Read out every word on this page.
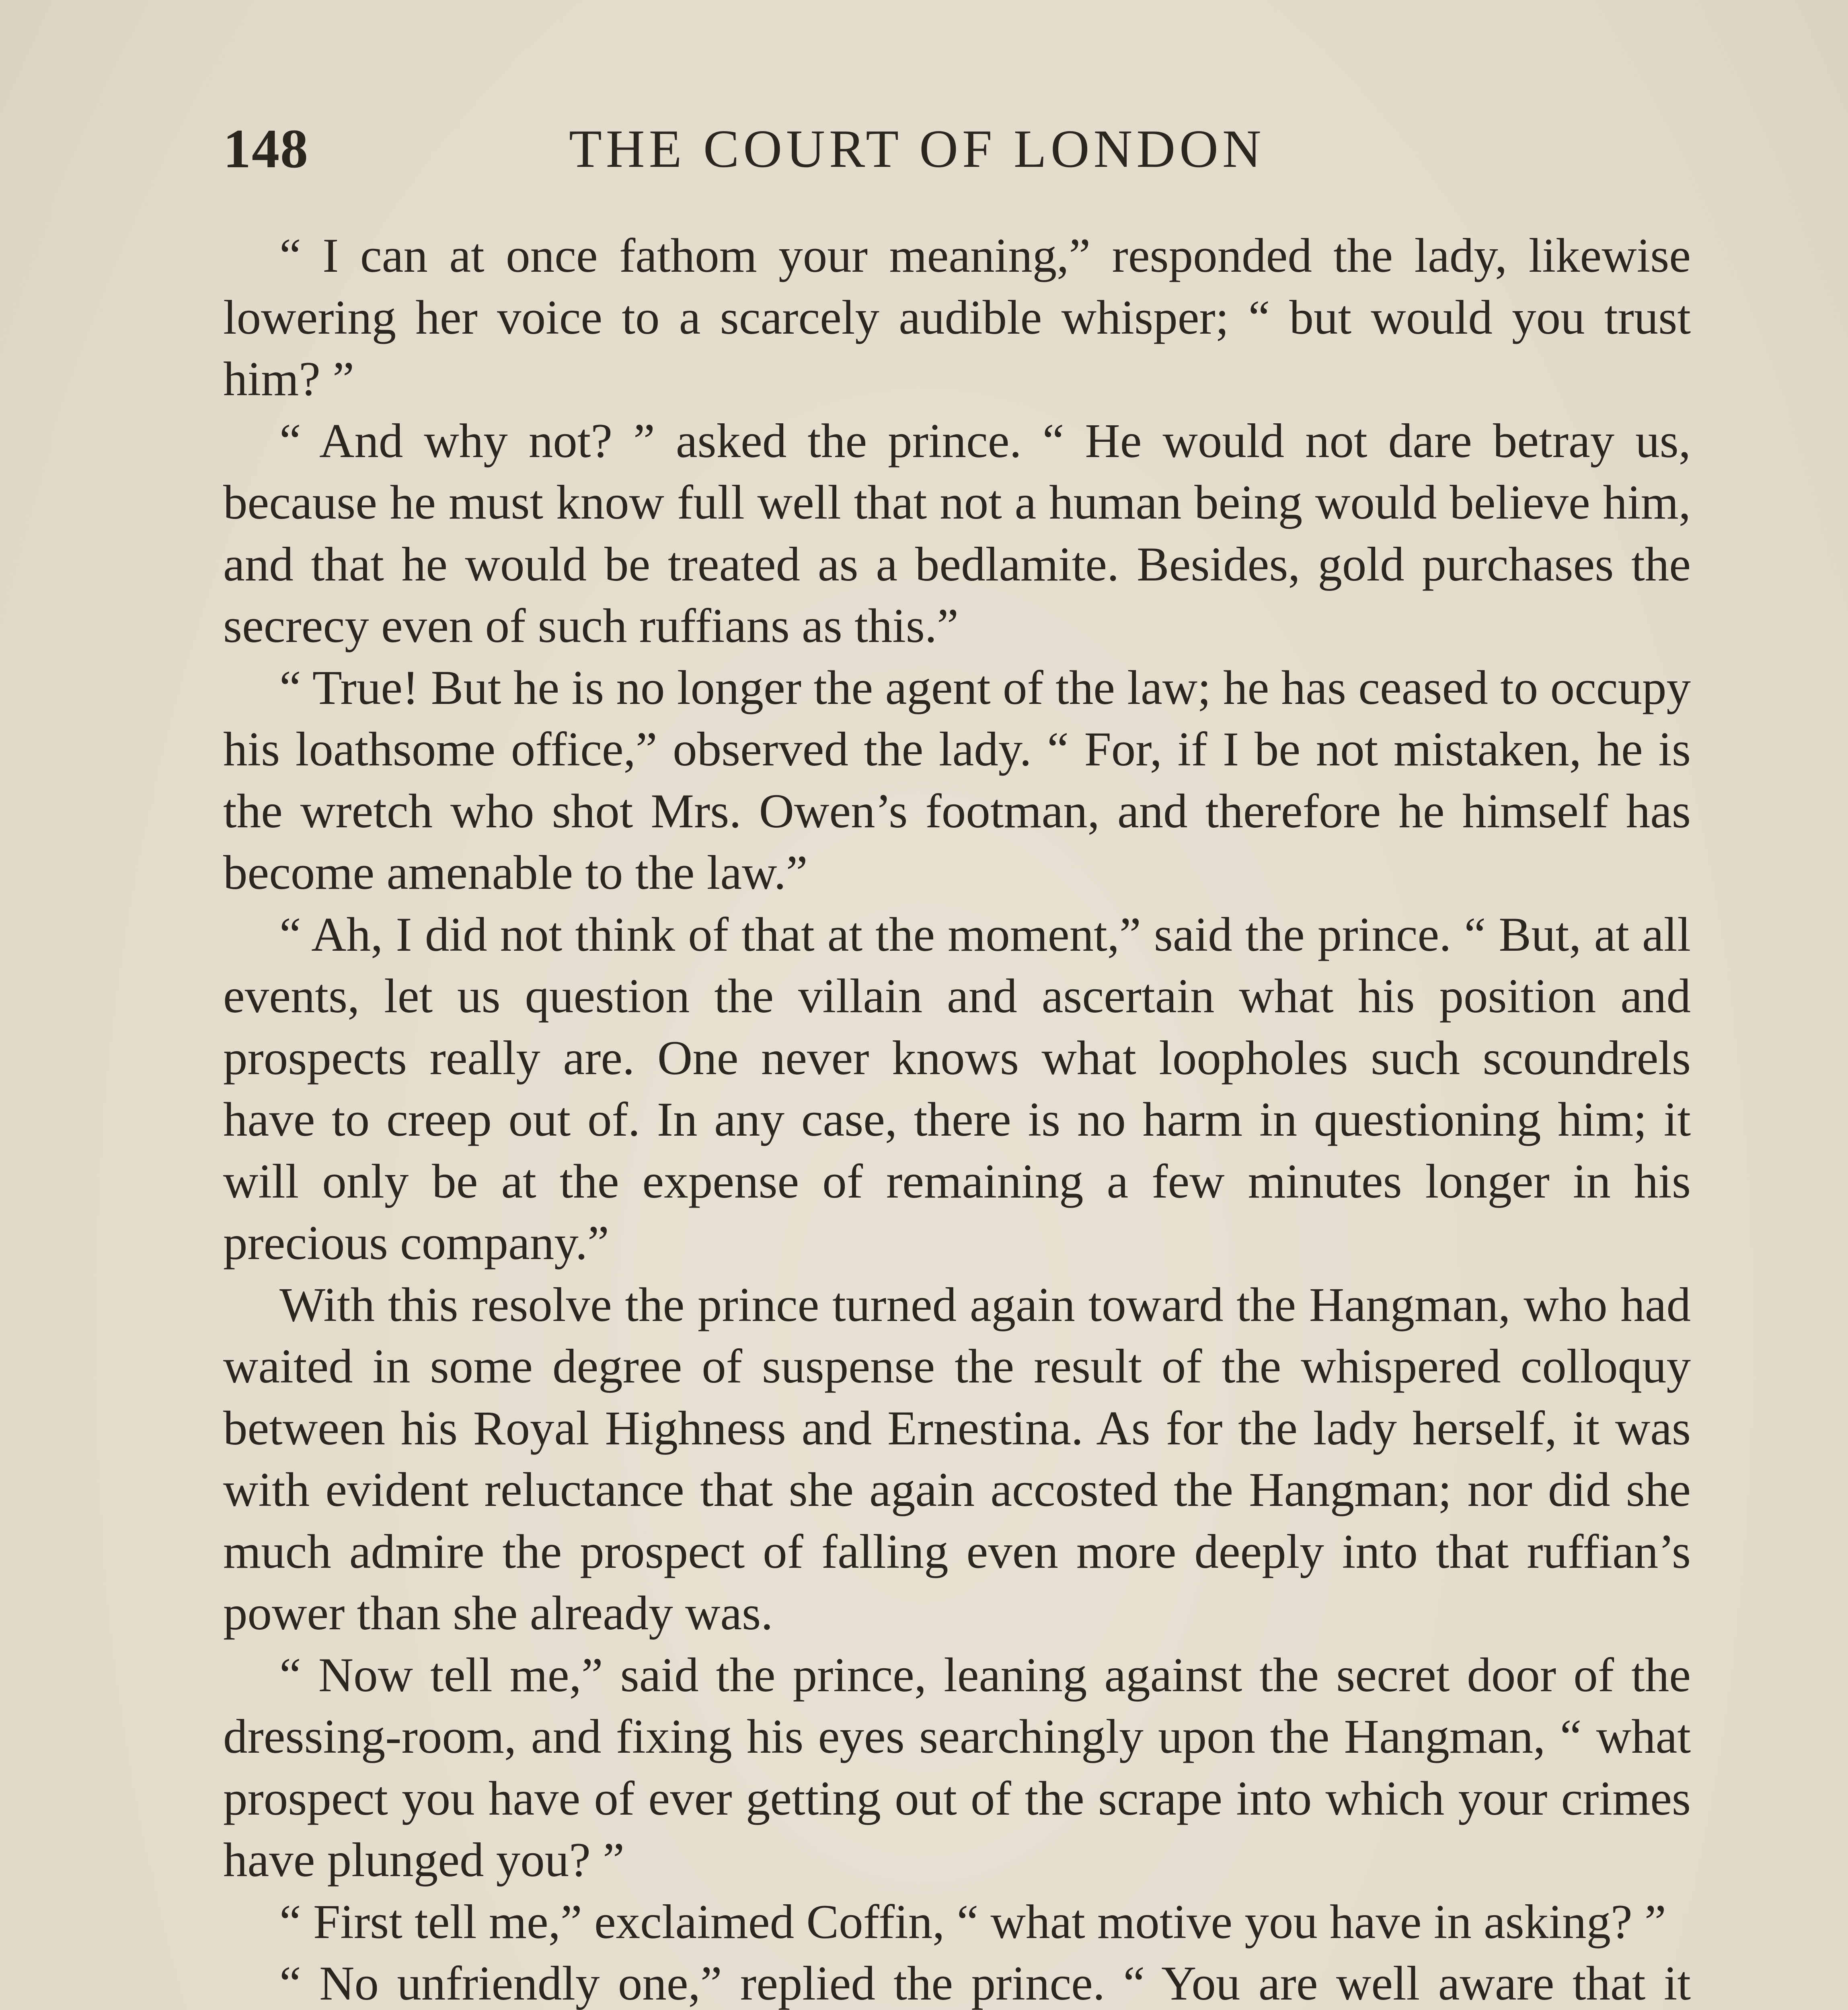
148	THE COURT OF LONDON

“ I can at once fathom your meaning,” responded the lady, likewise lowering her voice to a scarcely audible whisper; “ but would you trust him? ”

“ And why not? ” asked the prince. “ He would not dare betray us, because he must know full well that not a human being would believe him, and that he would be treated as a bedlamite. Besides, gold purchases the secrecy even of such ruffians as this.”

“ True! But he is no longer the agent of the law; he has ceased to occupy his loathsome office,” observed the lady. “ For, if I be not mistaken, he is the wretch who shot Mrs. Owen’s footman, and therefore he himself has become amenable to the law.”

“ Ah, I did not think of that at the moment,” said the prince. “ But, at all events, let us question the villain and ascertain what his position and prospects really are. One never knows what loopholes such scoundrels have to creep out of. In any case, there is no harm in questioning him; it will only be at the expense of remaining a few minutes longer in his precious company.”

With this resolve the prince turned again toward the Hangman, who had waited in some degree of suspense the result of the whispered colloquy between his Royal Highness and Ernestina. As for the lady herself, it was with evident reluctance that she again accosted the Hangman; nor did she much admire the prospect of falling even more deeply into that ruffian’s power than she already was.

“ Now tell me,” said the prince, leaning against the secret door of the dressing-room, and fixing his eyes searchingly upon the Hangman, “ what prospect you have of ever getting out of the scrape into which your crimes have plunged you? ”

“ First tell me,” exclaimed Coffin, “ what motive you have in asking? ”

“ No unfriendly one,” replied the prince. “ You are well aware that it
